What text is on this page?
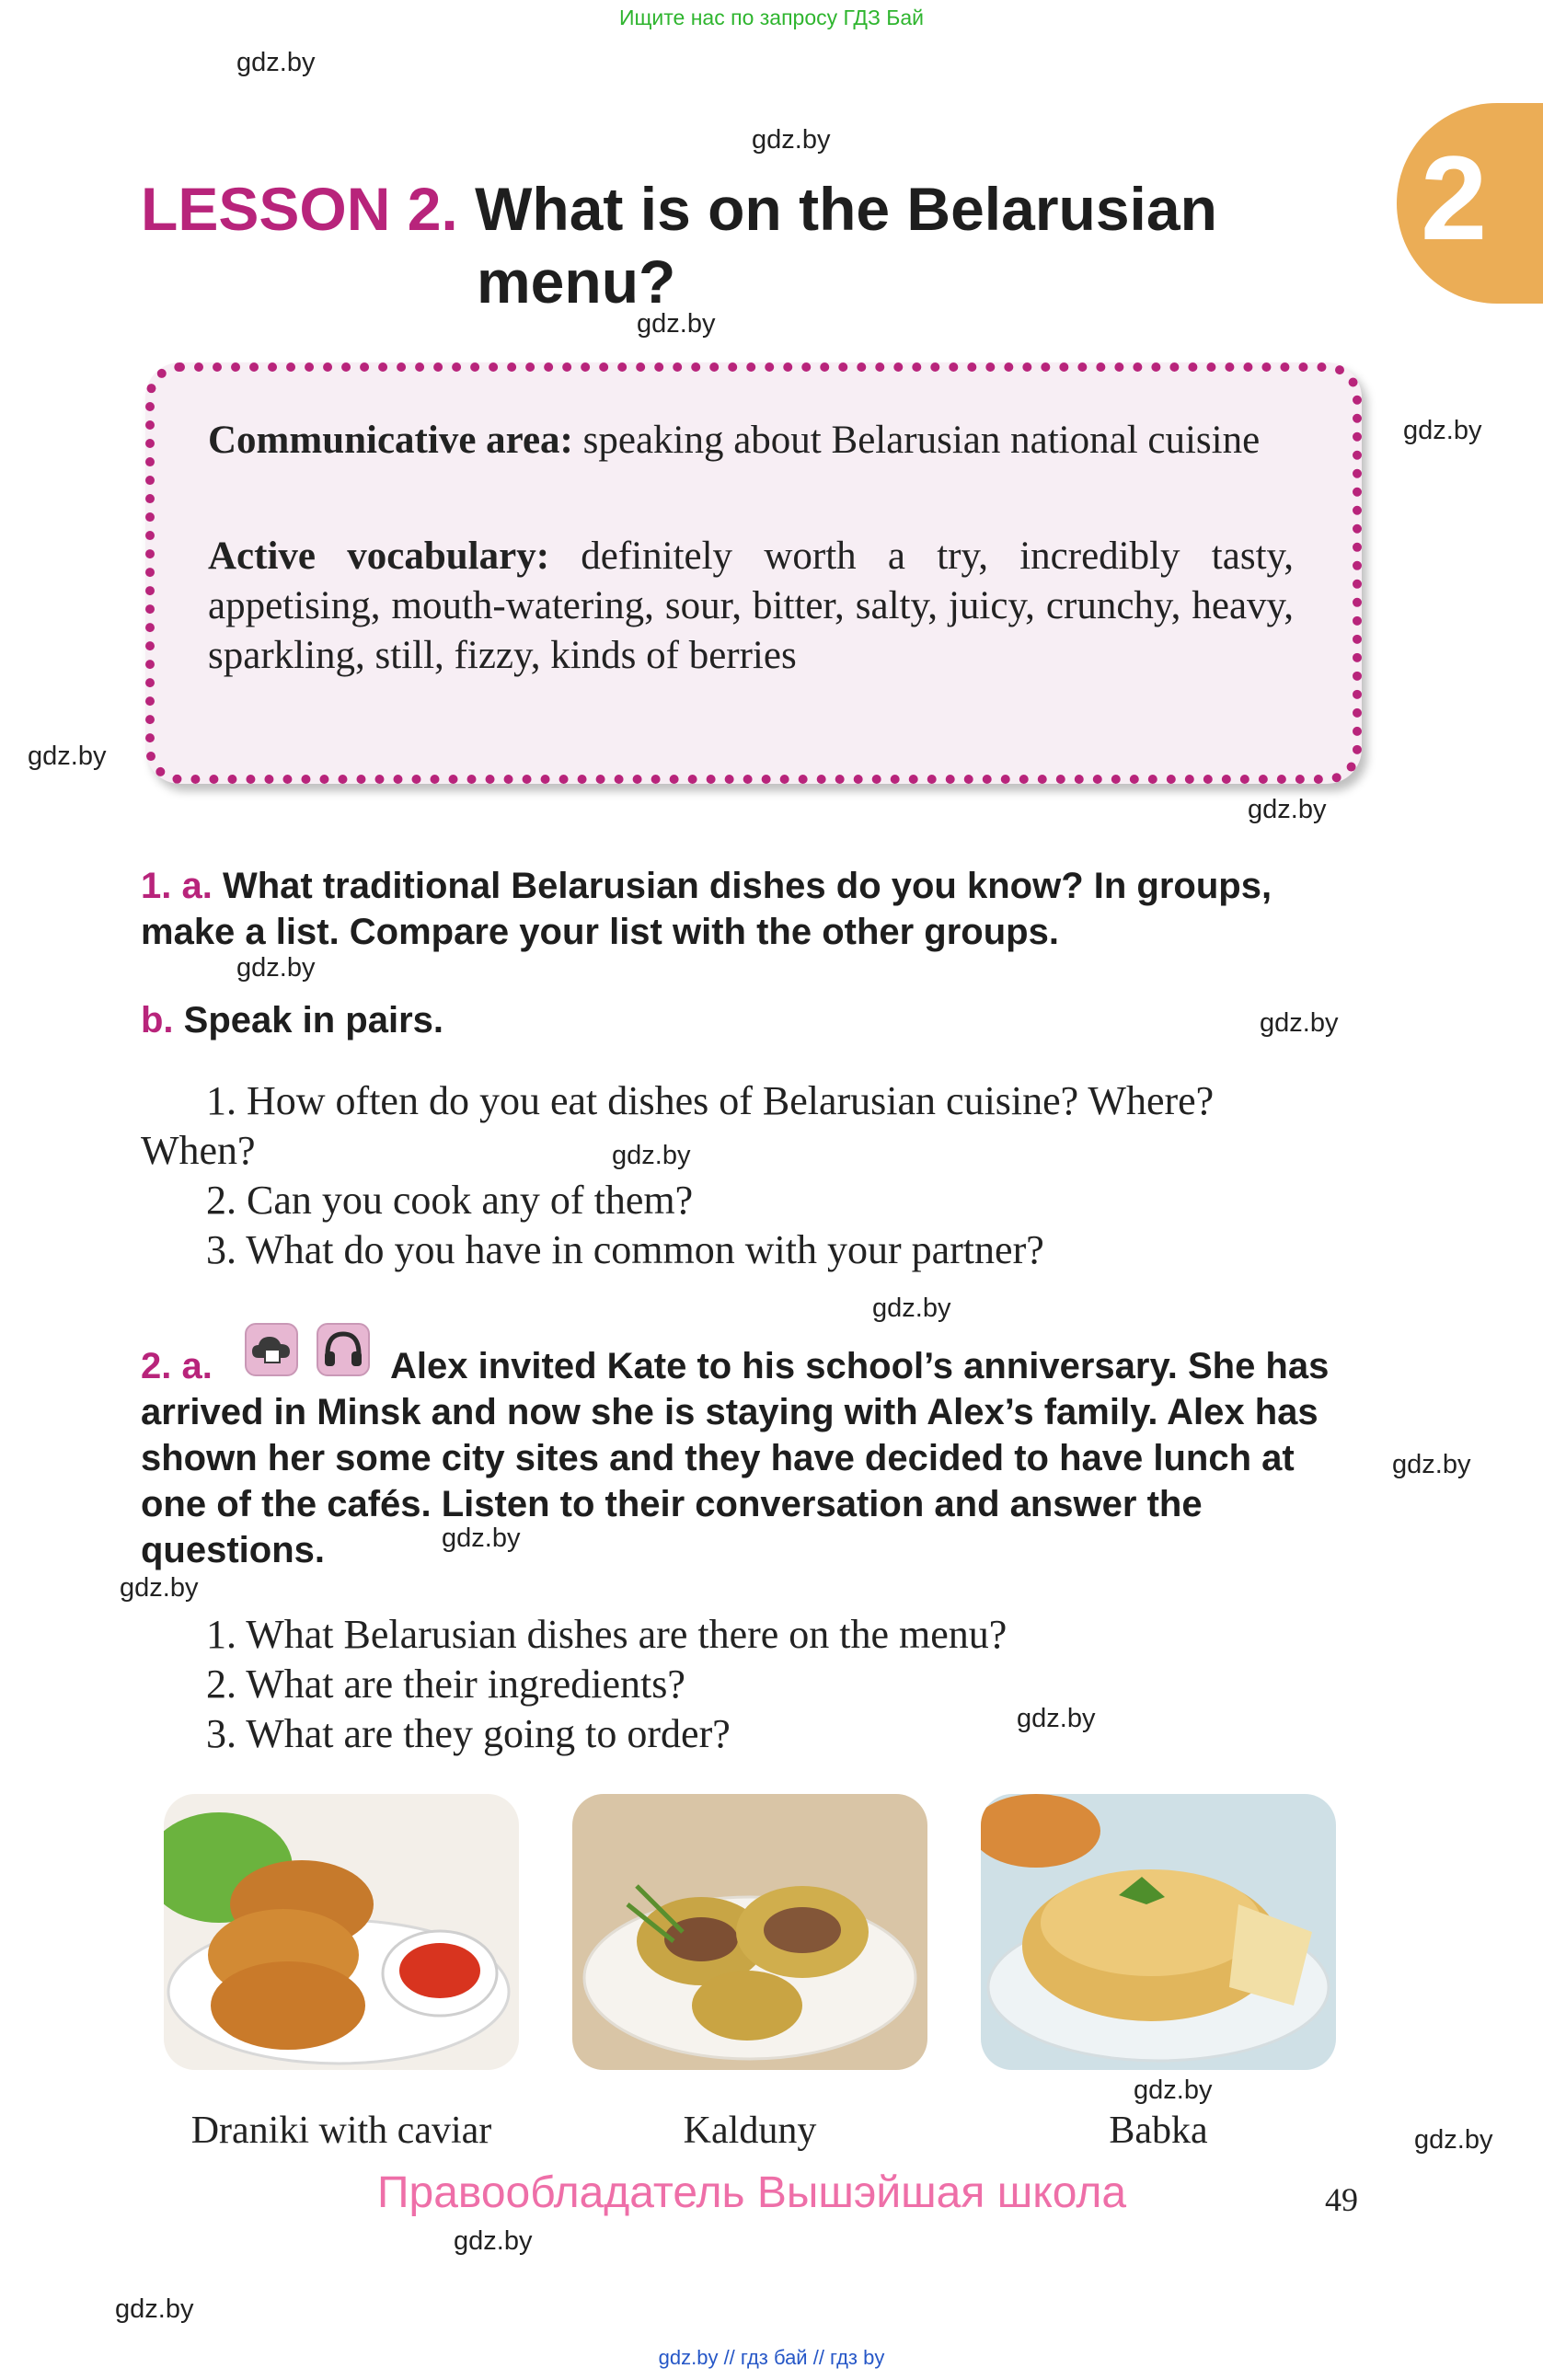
Ищите нас по запросу ГДЗ Бай
gdz.by
gdz.by
gdz.by
gdz.by
gdz.by
gdz.by
gdz.by
gdz.by
gdz.by
gdz.by
gdz.by
gdz.by
gdz.by
gdz.by
gdz.by
gdz.by
gdz.by
gdz.by
2
LESSON 2. What is on the Belarusian
menu?
Communicative area: speaking about Belarusian national cuisine
Active vocabulary: definitely worth a try, incredibly tasty, appetising, mouth-watering, sour, bitter, salty, juicy, crunchy, heavy, sparkling, still, fizzy, kinds of berries
1. a. What traditional Belarusian dishes do you know? In groups,
make a list. Compare your list with the other groups.
b. Speak in pairs.
1. How often do you eat dishes of Belarusian cuisine? Where?
When?
2. Can you cook any of them?
3. What do you have in common with your partner?
2. a.	Alex invited Kate to his school’s anniversary. She has
arrived in Minsk and now she is staying with Alex’s family. Alex has
shown her some city sites and they have decided to have lunch at
one of the cafés. Listen to their conversation and answer the
questions.
1. What Belarusian dishes are there on the menu?
2. What are their ingredients?
3. What are they going to order?
Draniki with caviar	Kalduny	Babka
Правообладатель Вышэйшая школа	49
gdz.by // гдз бай // гдз by
